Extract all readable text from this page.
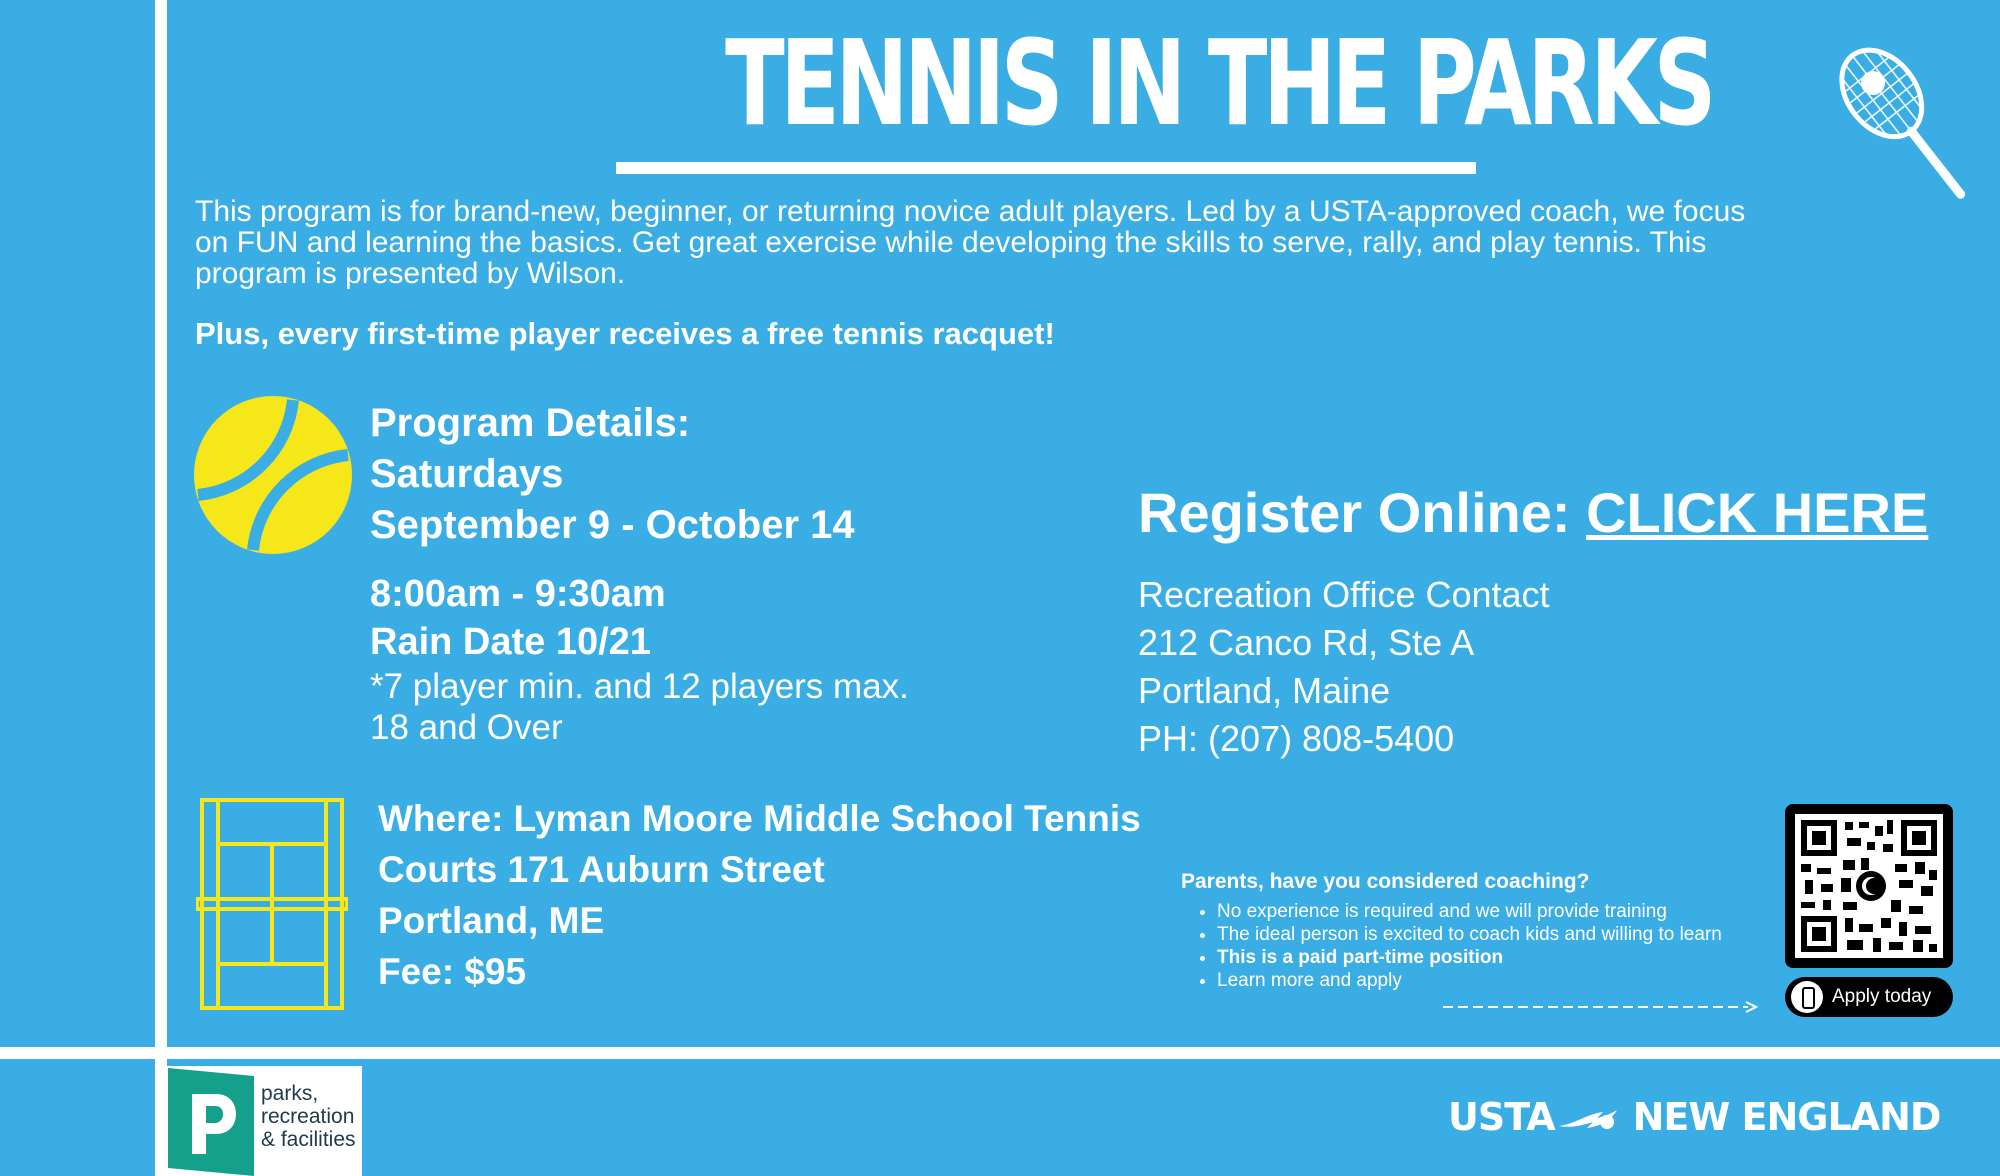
TENNIS IN THE PARKS
This program is for brand-new, beginner, or returning novice adult players. Led by a USTA-approved coach, we focus on FUN and learning the basics. Get great exercise while developing the skills to serve, rally, and play tennis. This program is presented by Wilson.
Plus, every first-time player receives a free tennis racquet!
Program Details:
Saturdays
September 9 - October 14
8:00am - 9:30am
Rain Date 10/21
*7 player min. and 12 players max.
18 and Over
Where: Lyman Moore Middle School Tennis
Courts 171 Auburn Street
Portland, ME
Fee: $95
Register Online: CLICK HERE
Recreation Office Contact
212 Canco Rd, Ste A
Portland, Maine
PH: (207) 808-5400
Parents, have you considered coaching?
• No experience is required and we will provide training
• The ideal person is excited to coach kids and willing to learn
• This is a paid part-time position
• Learn more and apply
Apply today
parks,
recreation
& facilities
USTA NEW ENGLAND
